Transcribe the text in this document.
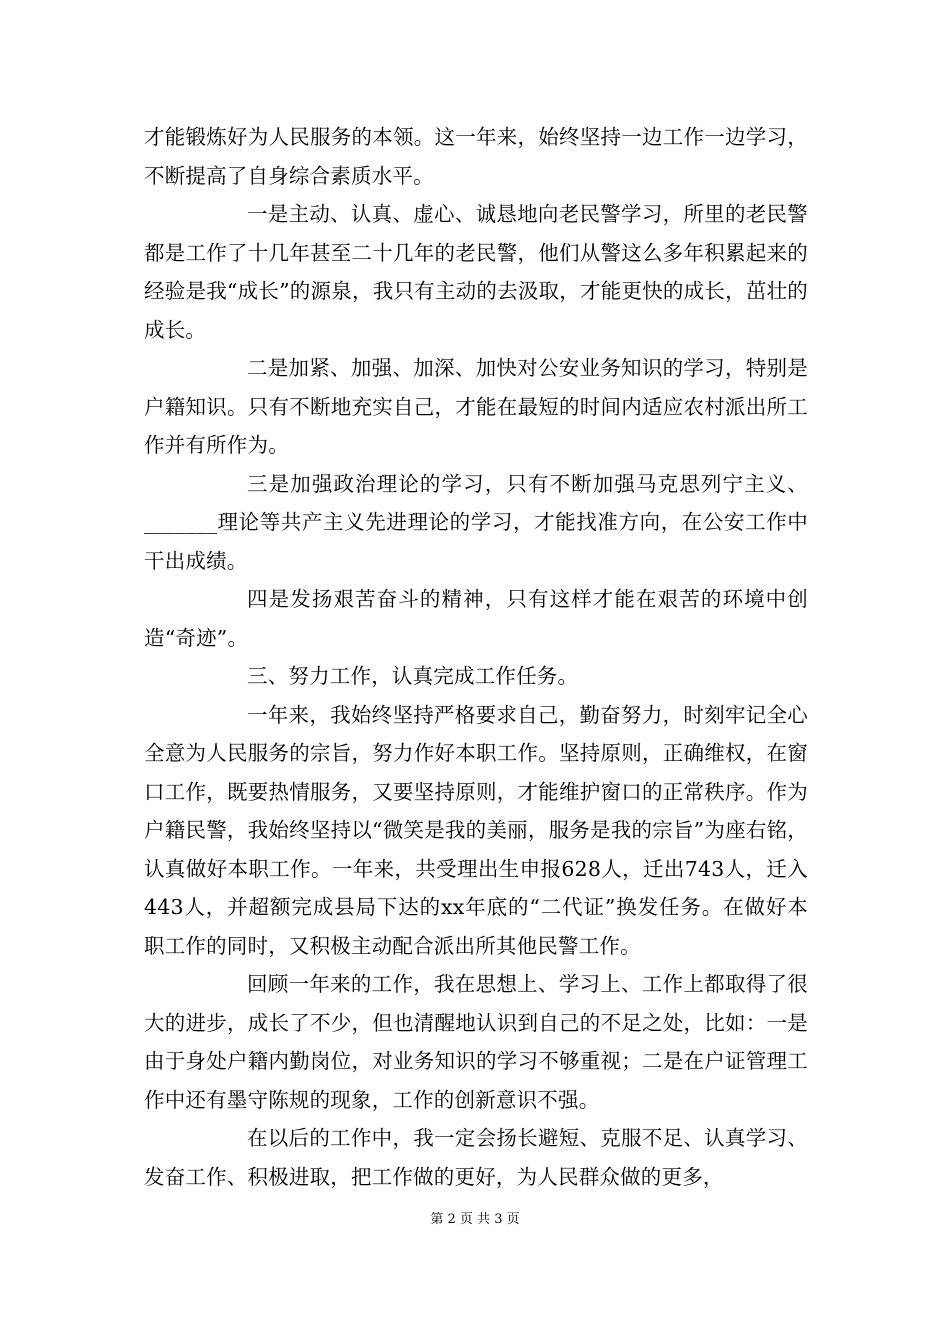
才能锻炼好为人民服务的本领。这一年来，始终坚持一边工作一边学习，不断提高了自身综合素质水平。

一是主动、认真、虚心、诚恳地向老民警学习，所里的老民警都是工作了十几年甚至二十几年的老民警，他们从警这么多年积累起来的经验是我“成长”的源泉，我只有主动的去汲取，才能更快的成长，茁壮的成长。

二是加紧、加强、加深、加快对公安业务知识的学习，特别是户籍知识。只有不断地充实自己，才能在最短的时间内适应农村派出所工作并有所作为。

三是加强政治理论的学习，只有不断加强马克思列宁主义、_______理论等共产主义先进理论的学习，才能找准方向，在公安工作中干出成绩。

四是发扬艰苦奋斗的精神，只有这样才能在艰苦的环境中创造“奇迹”。

三、努力工作，认真完成工作任务。

一年来，我始终坚持严格要求自己，勤奋努力，时刻牢记全心全意为人民服务的宗旨，努力作好本职工作。坚持原则，正确维权，在窗口工作，既要热情服务，又要坚持原则，才能维护窗口的正常秩序。作为户籍民警，我始终坚持以“微笑是我的美丽，服务是我的宗旨”为座右铭，认真做好本职工作。一年来，共受理出生申报628人，迁出743人，迁入443人，并超额完成县局下达的xx年底的“二代证”换发任务。在做好本职工作的同时，又积极主动配合派出所其他民警工作。

回顾一年来的工作，我在思想上、学习上、工作上都取得了很大的进步，成长了不少，但也清醒地认识到自己的不足之处，比如：一是由于身处户籍内勤岗位，对业务知识的学习不够重视；二是在户证管理工作中还有墨守陈规的现象，工作的创新意识不强。

在以后的工作中，我一定会扬长避短、克服不足、认真学习、发奋工作、积极进取，把工作做的更好，为人民群众做的更多，

第 2 页 共 3 页
